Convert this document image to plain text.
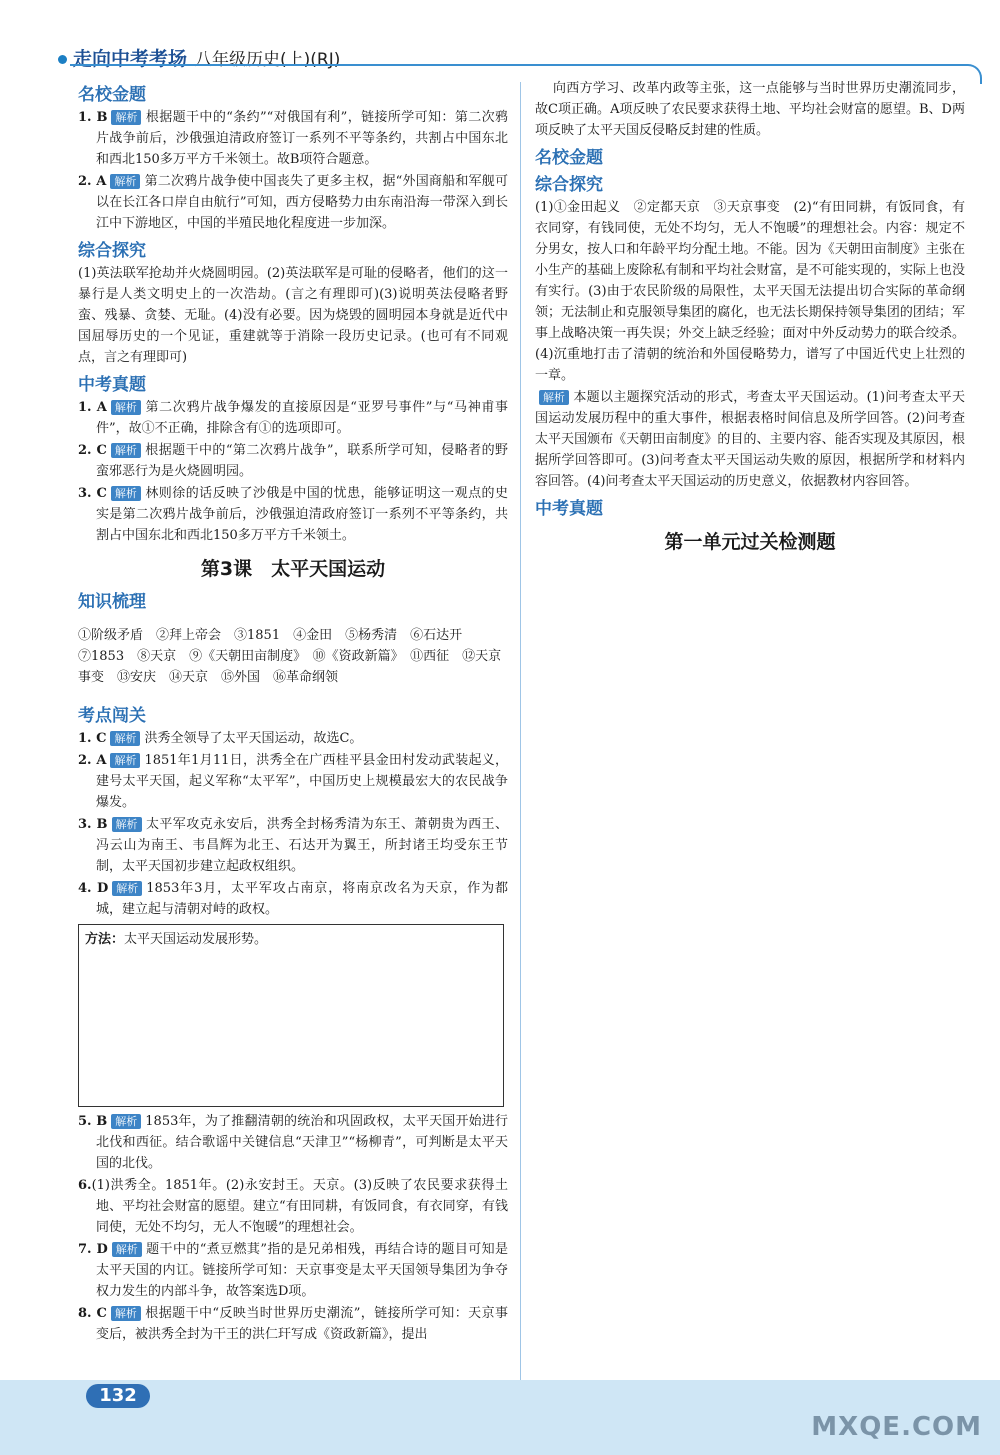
走向中考考场 八年级历史(上)(RJ)
名校金题

1. B 解析 根据题干中的“条约”“对俄国有利”，链接所学可知：第二次鸦片战争前后，沙俄强迫清政府签订一系列不平等条约，共割占中国东北和西北150多万平方千米领土。故B项符合题意。

2. A 解析 第二次鸦片战争使中国丧失了更多主权，据“外国商船和军舰可以在长江各口岸自由航行”可知，西方侵略势力由东南沿海一带深入到长江中下游地区，中国的半殖民地化程度进一步加深。

综合探究

(1)英法联军抢劫并火烧圆明园。(2)英法联军是可耻的侵略者，他们的这一暴行是人类文明史上的一次浩劫。(言之有理即可)(3)说明英法侵略者野蛮、残暴、贪婪、无耻。(4)没有必要。因为烧毁的圆明园本身就是近代中国屈辱历史的一个见证，重建就等于消除一段历史记录。(也可有不同观点，言之有理即可)

中考真题

1. A 解析 第二次鸦片战争爆发的直接原因是“亚罗号事件”与“马神甫事件”，故①不正确，排除含有①的选项即可。

2. C 解析 根据题干中的“第二次鸦片战争”，联系所学可知，侵略者的野蛮邪恶行为是火烧圆明园。

3. C 解析 林则徐的话反映了沙俄是中国的忧患，能够证明这一观点的史实是第二次鸦片战争前后，沙俄强迫清政府签订一系列不平等条约，共割占中国东北和西北150多万平方千米领土。

第3课　太平天国运动
知识梳理

①阶级矛盾　②拜上帝会　③1851　④金田　⑤杨秀清　⑥石达开　⑦1853　⑧天京　⑨《天朝田亩制度》　⑩《资政新篇》　⑪西征　⑫天京事变　⑬安庆　⑭天京　⑮外国　⑯革命纲领

考点闯关

1. C 解析 洪秀全领导了太平天国运动，故选C。

2. A 解析 1851年1月11日，洪秀全在广西桂平县金田村发动武装起义，建号太平天国，起义军称“太平军”，中国历史上规模最宏大的农民战争爆发。

3. B 解析 太平军攻克永安后，洪秀全封杨秀清为东王、萧朝贵为西王、冯云山为南王、韦昌辉为北王、石达开为翼王，所封诸王均受东王节制，太平天国初步建立起政权组织。

4. D 解析 1853年3月，太平军攻占南京，将南京改名为天京，作为都城，建立起与清朝对峙的政权。

方法：太平天国运动发展形势。

5. B 解析 1853年，为了推翻清朝的统治和巩固政权，太平天国开始进行北伐和西征。结合歌谣中关键信息“天津卫”“杨柳青”，可判断是太平天国的北伐。

6.(1)洪秀全。1851年。(2)永安封王。天京。(3)反映了农民要求获得土地、平均社会财富的愿望。建立“有田同耕，有饭同食，有衣同穿，有钱同使，无处不均匀，无人不饱暖”的理想社会。

7. D 解析 题干中的“煮豆燃萁”指的是兄弟相残，再结合诗的题目可知是太平天国的内讧。链接所学可知：天京事变是太平天国领导集团为争夺权力发生的内部斗争，故答案选D项。

8. C 解析 根据题干中“反映当时世界历史潮流”，链接所学可知：天京事变后，被洪秀全封为干王的洪仁玕写成《资政新篇》，提出

向西方学习、改革内政等主张，这一点能够与当时世界历史潮流同步，故C项正确。A项反映了农民要求获得土地、平均社会财富的愿望。B、D两项反映了太平天国反侵略反封建的性质。

名校金题
综合探究

(1)①金田起义　②定都天京　③天京事变　(2)“有田同耕，有饭同食，有衣同穿，有钱同使，无处不均匀，无人不饱暖”的理想社会。内容：规定不分男女，按人口和年龄平均分配土地。不能。因为《天朝田亩制度》主张在小生产的基础上废除私有制和平均社会财富，是不可能实现的，实际上也没有实行。(3)由于农民阶级的局限性，太平天国无法提出切合实际的革命纲领；无法制止和克服领导集团的腐化，也无法长期保持领导集团的团结；军事上战略决策一再失误；外交上缺乏经验；面对中外反动势力的联合绞杀。(4)沉重地打击了清朝的统治和外国侵略势力，谱写了中国近代史上壮烈的一章。

解析 本题以主题探究活动的形式，考查太平天国运动。(1)问考查太平天国运动发展历程中的重大事件，根据表格时间信息及所学回答。(2)问考查太平天国颁布《天朝田亩制度》的目的、主要内容、能否实现及其原因，根据所学回答即可。(3)问考查太平天国运动失败的原因，根据所学和材料内容回答。(4)问考查太平天国运动的历史意义，依据教材内容回答。

中考真题
第一单元过关检测题
132
MXQE.COM
